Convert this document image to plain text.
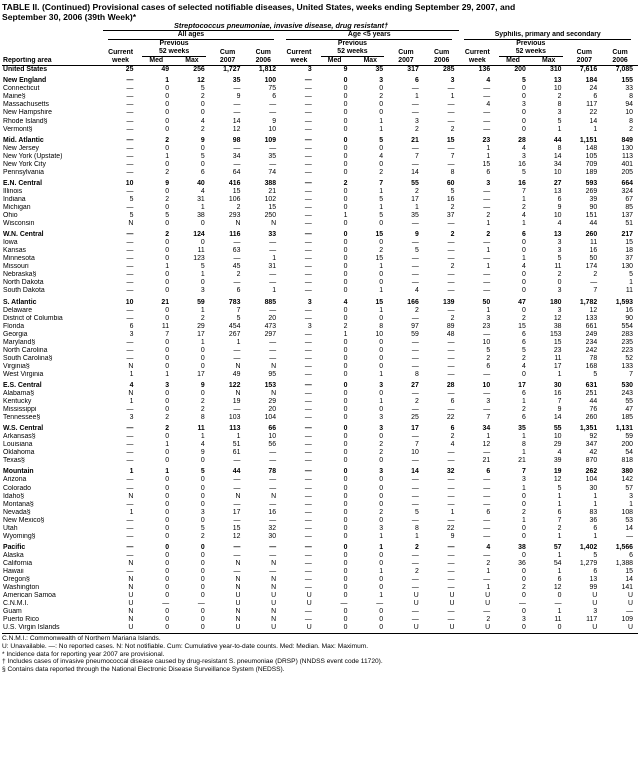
TABLE II. (Continued) Provisional cases of selected notifiable diseases, United States, weeks ending September 29, 2007, and
September 30, 2006 (39th Week)*
	Streptococcus pneumoniae, invasive disease, drug resistant†														

	All ages					Age <5 years					Syphilis, primary and secondary				

		Previous					Previous					Previous			
	Current	52 weeks		Cum	Cum	Current	52 weeks		Cum	Cum	Current	52 weeks		Cum	Cum
Reporting area	week	Med	Max	2007	2006	week	Med	Max	2007	2006	week	Med	Max	2007	2006
United States	25	49	256	1,727	1,812	3	9	35	317	285	136	200	310	7,616	7,085
New England	—	1	12	35	100	—	0	3	6	3	4	5	13	184	155
Connecticut	—	0	5	—	75	—	0	0	—	—	—	0	10	24	33
Maine§	—	0	2	9	6	—	0	2	1	1	—	0	2	6	8
Massachusetts	—	0	0	—	—	—	0	0	—	—	4	3	8	117	94
New Hampshire	—	0	0	—	—	—	0	0	—	—	—	0	3	22	10
Rhode Island§	—	0	4	14	9	—	0	1	3	—	—	0	5	14	8
Vermont§	—	0	2	12	10	—	0	1	2	2	—	0	1	1	2
Mid. Atlantic	—	2	9	98	109	—	0	5	21	15	23	28	44	1,151	849
New Jersey	—	0	0	—	—	—	0	0	—	—	1	4	8	148	130
New York (Upstate)	—	1	5	34	35	—	0	4	7	7	1	3	14	105	113
New York City	—	0	0	—	—	—	0	0	—	—	15	16	34	709	401
Pennsylvania	—	2	6	64	74	—	0	2	14	8	6	5	10	189	205
E.N. Central	10	9	40	416	388	—	2	7	55	60	3	16	27	593	664
Illinois	—	0	4	15	21	—	0	1	2	5	—	7	13	269	324
Indiana	5	2	31	106	102	—	0	5	17	16	—	1	6	39	67
Michigan	—	0	1	2	15	—	0	1	1	2	—	2	9	90	85
Ohio	5	5	38	293	250	—	1	5	35	37	2	4	10	151	137
Wisconsin	N	0	0	N	N	—	0	0	—	—	1	1	4	44	51
W.N. Central	—	2	124	116	33	—	0	15	9	2	2	6	13	260	217
Iowa	—	0	0	—	—	—	0	0	—	—	—	0	3	11	15
Kansas	—	0	11	63	—	—	0	2	5	—	1	0	3	16	18
Minnesota	—	0	123	—	1	—	0	15	—	—	—	1	5	50	37
Missouri	—	1	5	45	31	—	0	1	—	2	1	4	11	174	130
Nebraska§	—	0	1	2	—	—	0	0	—	—	—	0	2	2	5
North Dakota	—	0	0	—	—	—	0	0	—	—	—	0	0	—	1
South Dakota	—	0	3	6	1	—	0	1	4	—	—	0	3	7	11
S. Atlantic	10	21	59	783	885	3	4	15	166	139	50	47	180	1,782	1,593
Delaware	—	0	1	7	—	—	0	1	2	—	1	0	3	12	16
District of Columbia	—	0	2	5	20	—	0	0	—	2	3	2	12	133	90
Florida	6	11	29	454	473	3	2	8	97	89	23	15	38	661	554
Georgia	3	7	17	267	297	—	1	10	59	48	—	6	153	249	283
Maryland§	—	0	1	1	—	—	0	0	—	—	10	6	15	234	235
North Carolina	—	0	0	—	—	—	0	0	—	—	5	5	23	242	223
South Carolina§	—	0	0	—	—	—	0	0	—	—	2	2	11	78	52
Virginia§	N	0	0	N	N	—	0	0	—	—	6	4	17	168	133
West Virginia	1	1	17	49	95	—	0	1	8	—	—	0	1	5	7
E.S. Central	4	3	9	122	153	—	0	3	27	28	10	17	30	631	530
Alabama§	N	0	0	N	N	—	0	0	—	—	—	6	16	251	243
Kentucky	1	0	2	19	29	—	0	1	2	6	3	1	7	44	55
Mississippi	—	0	2	—	20	—	0	0	—	—	—	2	9	76	47
Tennessee§	3	2	8	103	104	—	0	3	25	22	7	6	14	260	185
W.S. Central	—	2	11	113	66	—	0	3	17	6	34	35	55	1,351	1,131
Arkansas§	—	0	1	1	10	—	0	0	—	2	1	1	10	92	59
Louisiana	—	1	4	51	56	—	0	2	7	4	12	8	29	347	200
Oklahoma	—	0	9	61	—	—	0	2	10	—	—	1	4	42	54
Texas§	—	0	0	—	—	—	0	0	—	—	21	21	39	870	818
Mountain	1	1	5	44	78	—	0	3	14	32	6	7	19	262	380
Arizona	—	0	0	—	—	—	0	0	—	—	—	3	12	104	142
Colorado	—	0	0	—	—	—	0	0	—	—	—	1	5	30	57
Idaho§	N	0	0	N	N	—	0	0	—	—	—	0	1	1	3
Montana§	—	0	0	—	—	—	0	0	—	—	—	0	1	1	1
Nevada§	1	0	3	17	16	—	0	2	5	1	6	2	6	83	108
New Mexico§	—	0	0	—	—	—	0	0	—	—	—	1	7	36	53
Utah	—	0	5	15	32	—	0	3	8	22	—	0	2	6	14
Wyoming§	—	0	2	12	30	—	0	1	1	9	—	0	1	1	—
Pacific	—	0	0	—	—	—	0	1	2	—	4	38	57	1,402	1,566
Alaska	—	0	0	—	—	—	0	0	—	—	—	0	1	5	6
California	N	0	0	N	N	—	0	0	—	—	2	36	54	1,279	1,388
Hawaii	—	0	0	—	—	—	0	1	2	—	1	0	1	6	15
Oregon§	N	0	0	N	N	—	0	0	—	—	—	0	6	13	14
Washington	N	0	0	N	N	—	0	0	—	—	1	2	12	99	141
American Samoa	U	0	0	U	U	U	0	1	U	U	U	0	0	U	U
C.N.M.I.	U	—	—	U	U	U	—	—	U	U	U	—	—	U	U
Guam	N	0	0	N	N	—	0	0	—	—	—	0	1	3	—
Puerto Rico	N	0	0	N	N	—	0	0	—	—	2	3	11	117	109
U.S. Virgin Islands	U	0	0	U	U	U	0	0	U	U	U	0	0	U	U
C.N.M.I.: Commonwealth of Northern Mariana Islands.
U: Unavailable. —: No reported cases. N: Not notifiable. Cum: Cumulative year-to-date counts. Med: Median. Max: Maximum.
* Incidence data for reporting year 2007 are provisional.
† Includes cases of invasive pneumococcal disease caused by drug-resistant S. pneumoniae (DRSP) (NNDSS event code 11720).
§ Contains data reported through the National Electronic Disease Surveillance System (NEDSS).
